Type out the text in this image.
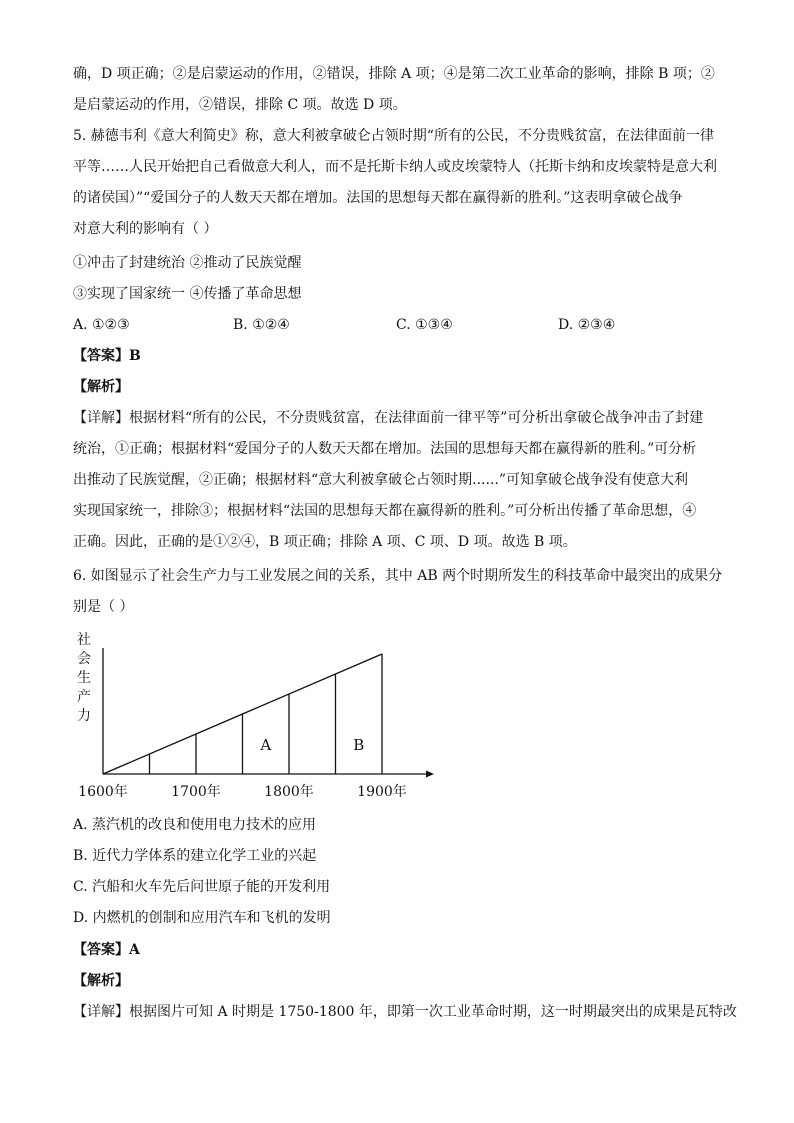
确，D 项正确；②是启蒙运动的作用，②错误，排除 A 项；④是第二次工业革命的影响，排除 B 项；②
是启蒙运动的作用，②错误，排除 C 项。故选 D 项。
5. 赫德韦利《意大利简史》称，意大利被拿破仑占领时期“所有的公民，不分贵贱贫富，在法律面前一律
平等……人民开始把自己看做意大利人，而不是托斯卡纳人或皮埃蒙特人（托斯卡纳和皮埃蒙特是意大利
的诸侯国）”“爱国分子的人数天天都在增加。法国的思想每天都在赢得新的胜利。”这表明拿破仑战争
对意大利的影响有（ ）
①冲击了封建统治 ②推动了民族觉醒
③实现了国家统一 ④传播了革命思想
A. ①②③	B. ①②④	C. ①③④	D. ②③④
【答案】B
【解析】
【详解】根据材料“所有的公民，不分贵贱贫富，在法律面前一律平等”可分析出拿破仑战争冲击了封建
统治，①正确；根据材料“爱国分子的人数天天都在增加。法国的思想每天都在赢得新的胜利。”可分析
出推动了民族觉醒，②正确；根据材料“意大利被拿破仑占领时期......”可知拿破仑战争没有使意大利
实现国家统一，排除③；根据材料“法国的思想每天都在赢得新的胜利。”可分析出传播了革命思想，④
正确。因此，正确的是①②④，B 项正确；排除 A 项、C 项、D 项。故选 B 项。
6. 如图显示了社会生产力与工业发展之间的关系，其中 AB 两个时期所发生的科技革命中最突出的成果分
别是（ ）
A	B
社
会
生
产
力
1600年	1700年	1800年	1900年
A. 蒸汽机的改良和使用电力技术的应用
B. 近代力学体系的建立化学工业的兴起
C. 汽船和火车先后问世原子能的开发利用
D. 内燃机的创制和应用汽车和飞机的发明
【答案】A
【解析】
【详解】根据图片可知 A 时期是 1750-1800 年，即第一次工业革命时期，这一时期最突出的成果是瓦特改
